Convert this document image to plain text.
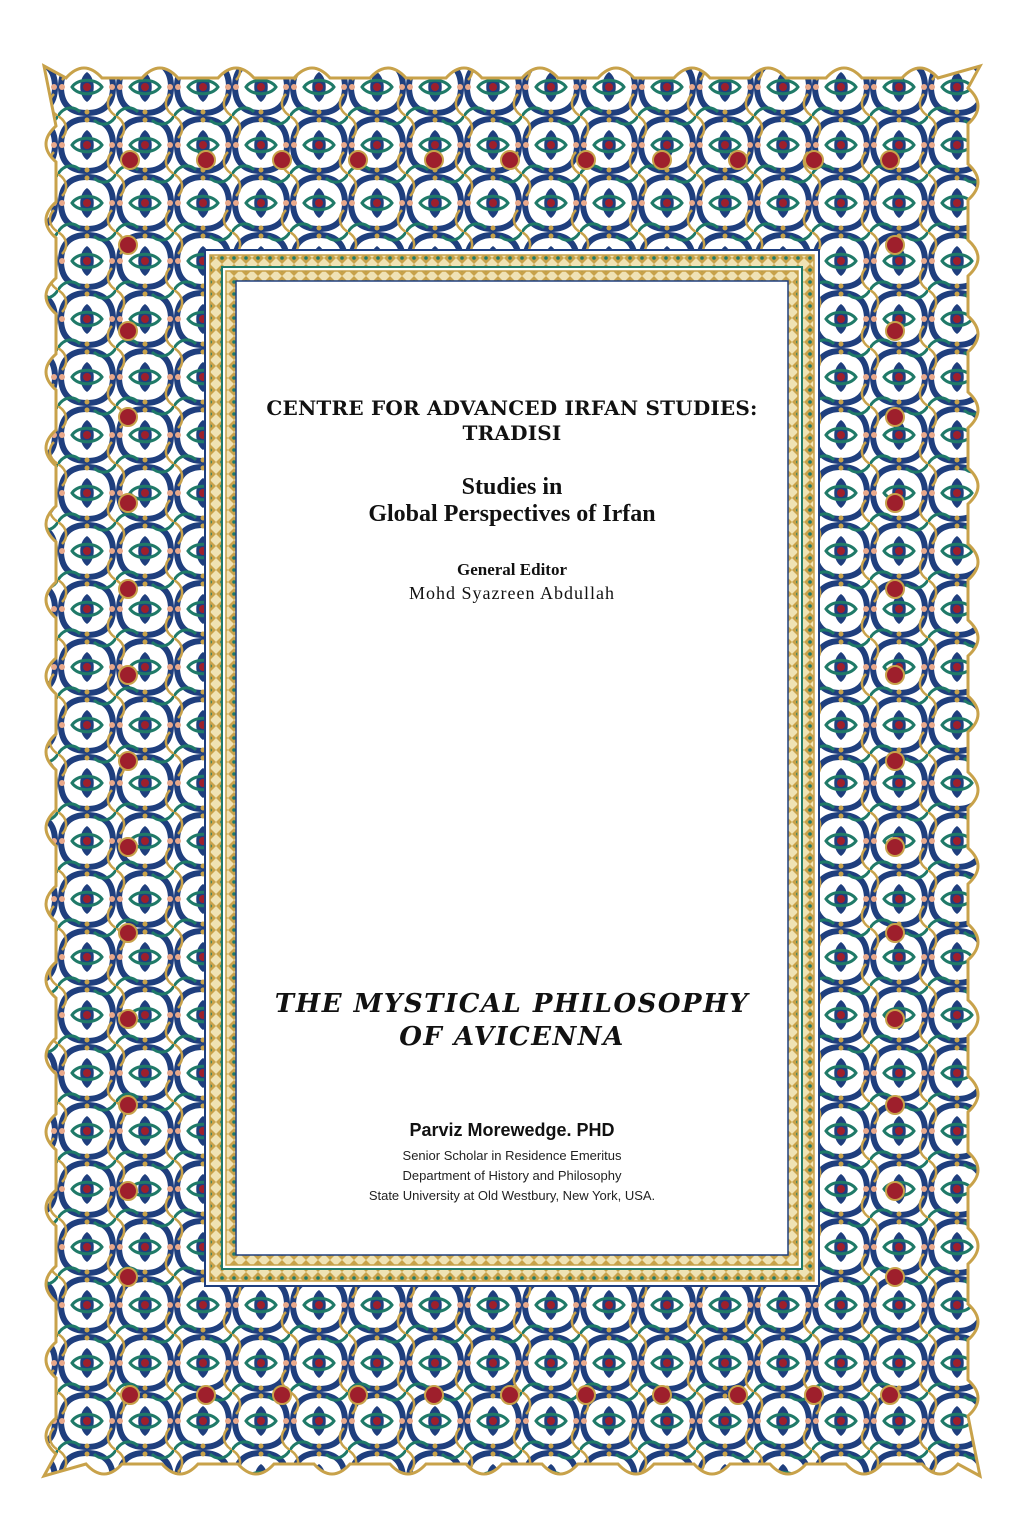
CENTRE FOR ADVANCED IRFAN STUDIES:
TRADISI

Studies in
Global Perspectives of Irfan

General Editor

Mohd Syazreen Abdullah

THE MYSTICAL PHILOSOPHY
OF AVICENNA

Parviz Morewedge. PHD

Senior Scholar in Residence Emeritus

Department of History and Philosophy

State University at Old Westbury, New York, USA.
